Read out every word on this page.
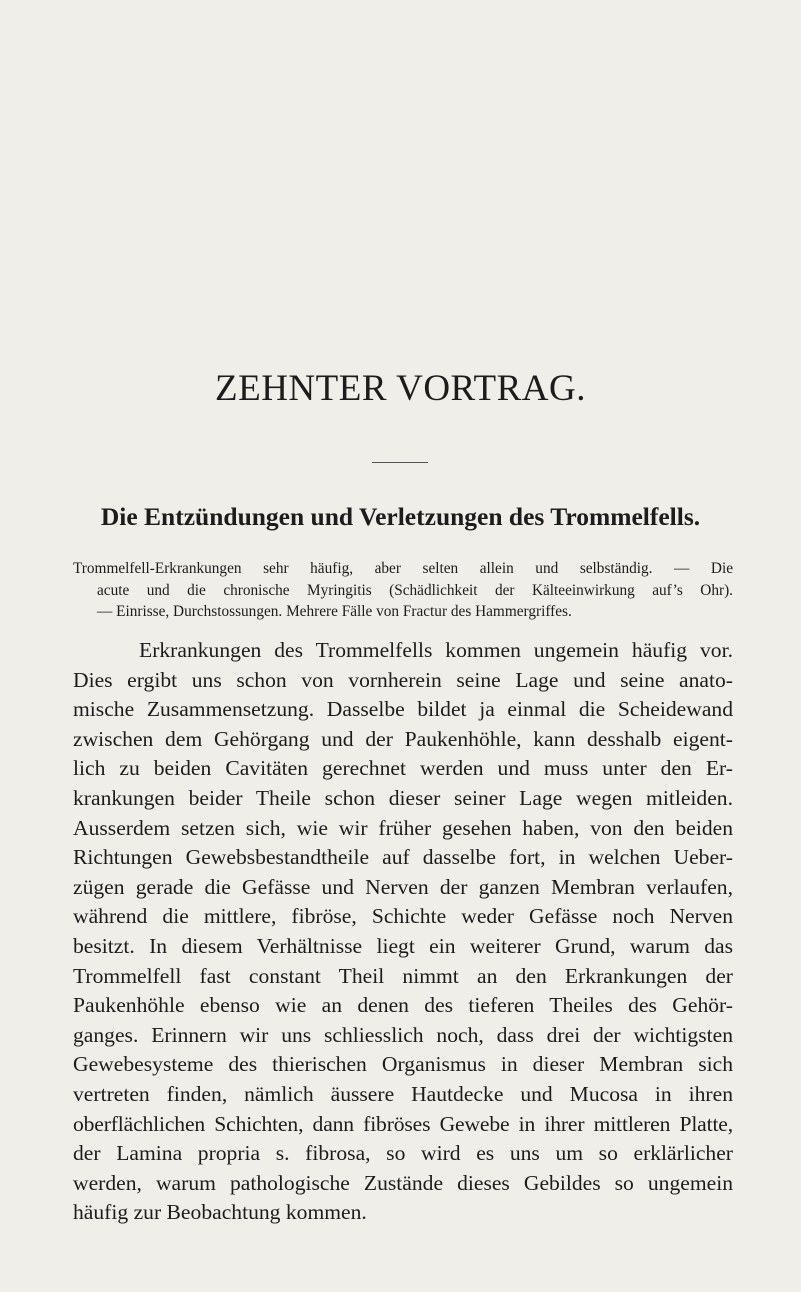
ZEHNTER VORTRAG.
Die Entzündungen und Verletzungen des Trommelfells.
Trommelfell-Erkrankungen sehr häufig, aber selten allein und selbständig. — Die
acute und die chronische Myringitis (Schädlichkeit der Kälteeinwirkung auf’s Ohr).
— Einrisse, Durchstossungen. Mehrere Fälle von Fractur des Hammergriffes.
Erkrankungen des Trommelfells kommen ungemein häufig vor.
Dies ergibt uns schon von vornherein seine Lage und seine anato-
mische Zusammensetzung. Dasselbe bildet ja einmal die Scheidewand
zwischen dem Gehörgang und der Paukenhöhle, kann desshalb eigent-
lich zu beiden Cavitäten gerechnet werden und muss unter den Er-
krankungen beider Theile schon dieser seiner Lage wegen mitleiden.
Ausserdem setzen sich, wie wir früher gesehen haben, von den beiden
Richtungen Gewebsbestandtheile auf dasselbe fort, in welchen Ueber-
zügen gerade die Gefässe und Nerven der ganzen Membran verlaufen,
während die mittlere, fibröse, Schichte weder Gefässe noch Nerven
besitzt. In diesem Verhältnisse liegt ein weiterer Grund, warum das
Trommelfell fast constant Theil nimmt an den Erkrankungen der
Paukenhöhle ebenso wie an denen des tieferen Theiles des Gehör-
ganges. Erinnern wir uns schliesslich noch, dass drei der wichtigsten
Gewebesysteme des thierischen Organismus in dieser Membran sich
vertreten finden, nämlich äussere Hautdecke und Mucosa in ihren
oberflächlichen Schichten, dann fibröses Gewebe in ihrer mittleren Platte,
der Lamina propria s. fibrosa, so wird es uns um so erklärlicher
werden, warum pathologische Zustände dieses Gebildes so ungemein
häufig zur Beobachtung kommen.
